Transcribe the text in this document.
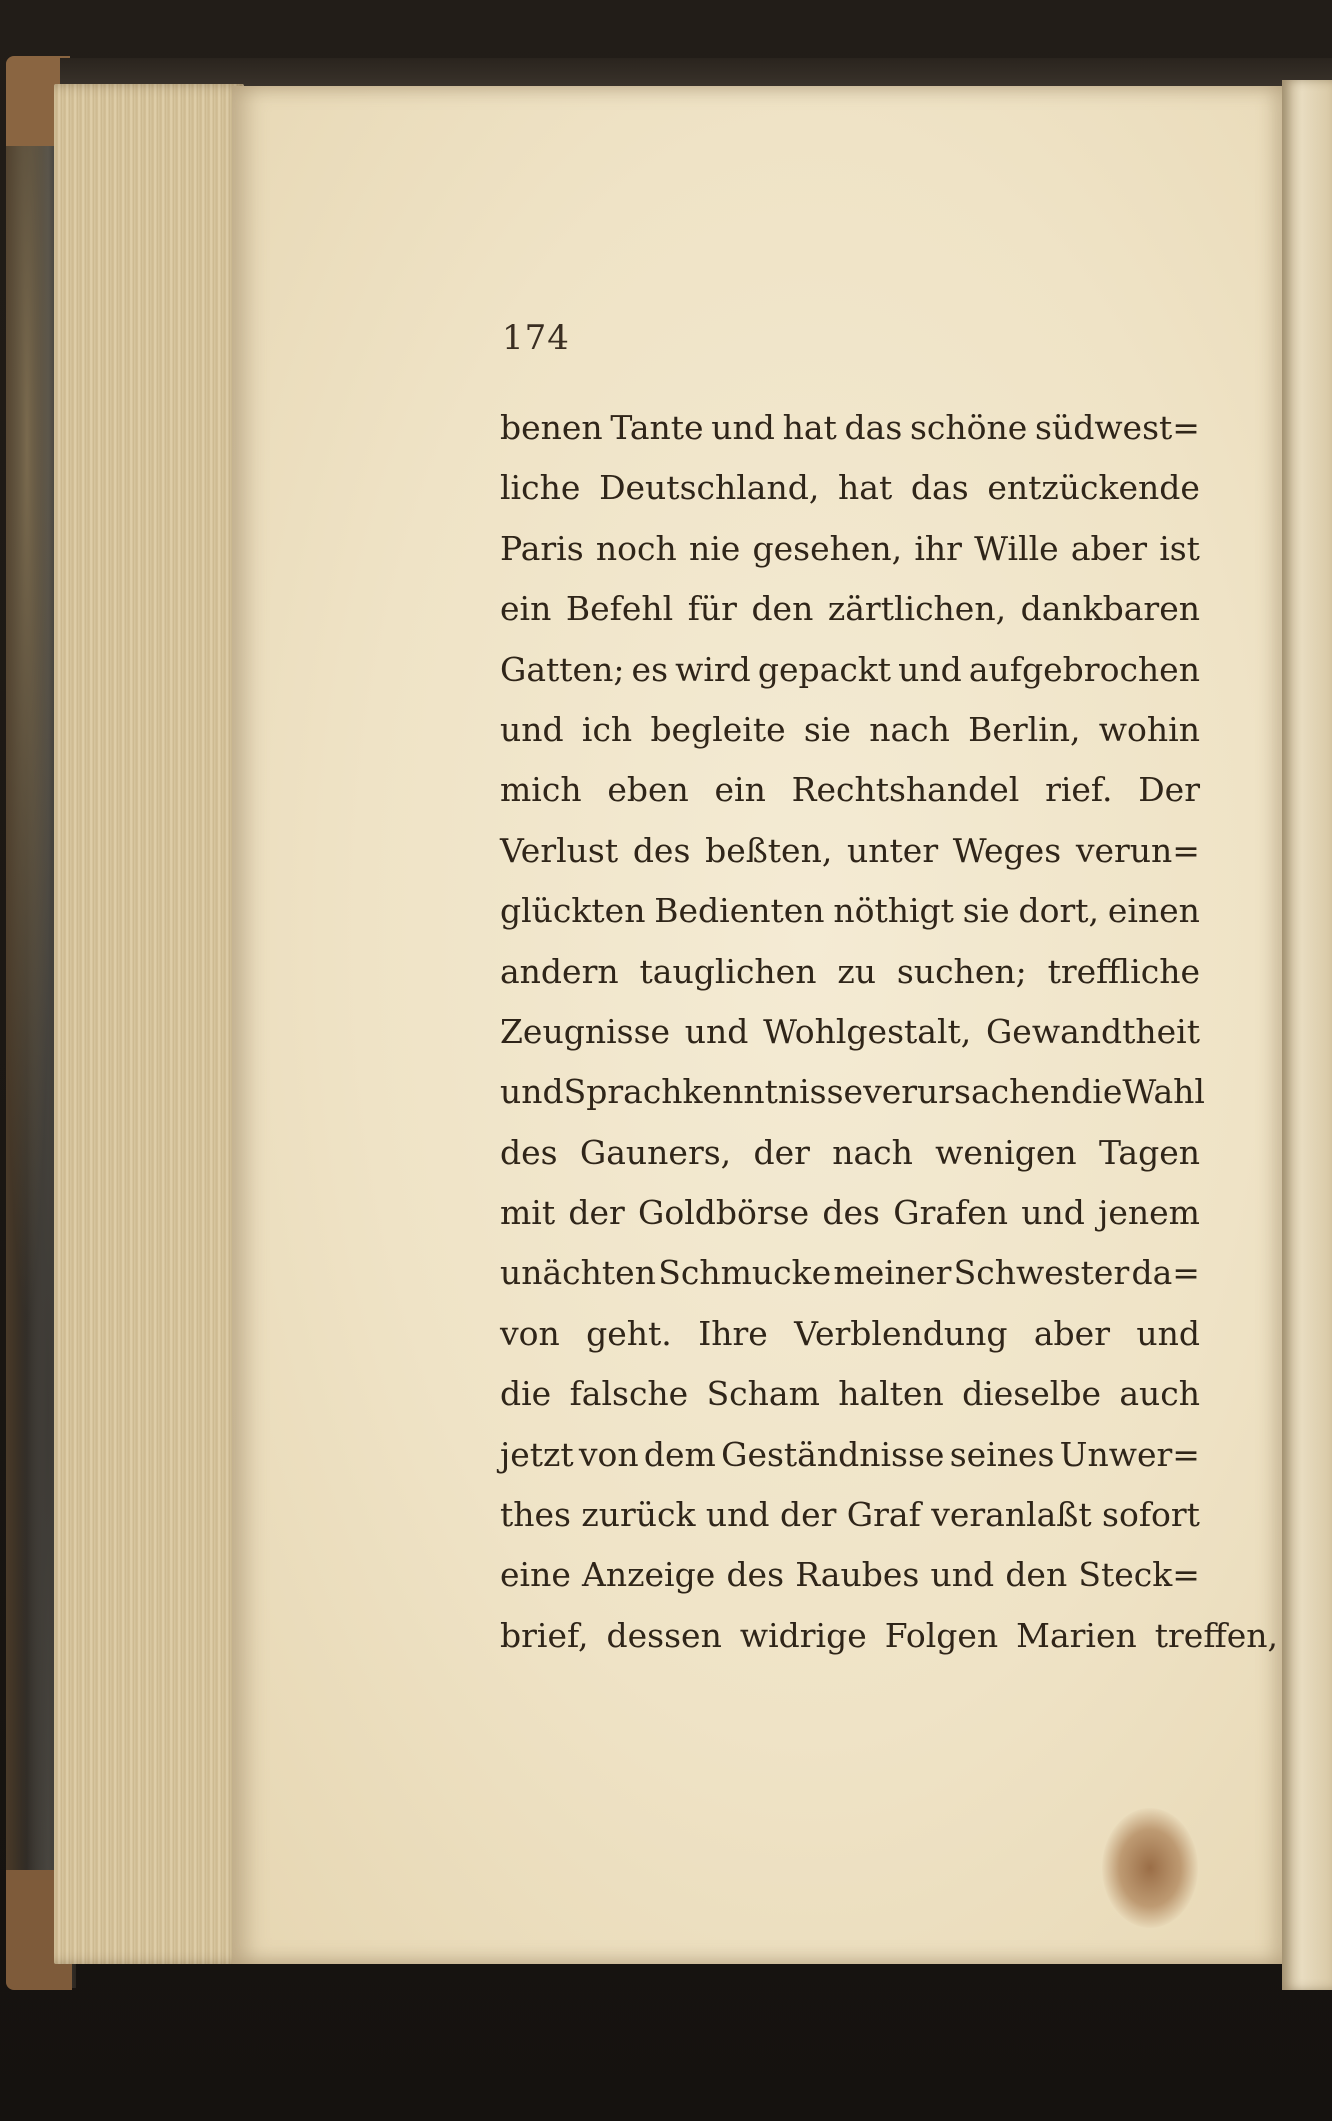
174
benen Tante und hat das schöne südwest=
liche Deutschland, hat das entzückende
Paris noch nie gesehen, ihr Wille aber ist
ein Befehl für den zärtlichen, dankbaren
Gatten; es wird gepackt und aufgebrochen
und ich begleite sie nach Berlin, wohin
mich eben ein Rechtshandel rief. Der
Verlust des beßten, unter Weges verun=
glückten Bedienten nöthigt sie dort, einen
andern tauglichen zu suchen; treffliche
Zeugnisse und Wohlgestalt, Gewandtheit
und Sprachkenntnisse verursachen die Wahl
des Gauners, der nach wenigen Tagen
mit der Goldbörse des Grafen und jenem
unächten Schmucke meiner Schwester da=
von geht. Ihre Verblendung aber und
die falsche Scham halten dieselbe auch
jetzt von dem Geständnisse seines Unwer=
thes zurück und der Graf veranlaßt sofort
eine Anzeige des Raubes und den Steck=
brief, dessen widrige Folgen Marien treffen,
